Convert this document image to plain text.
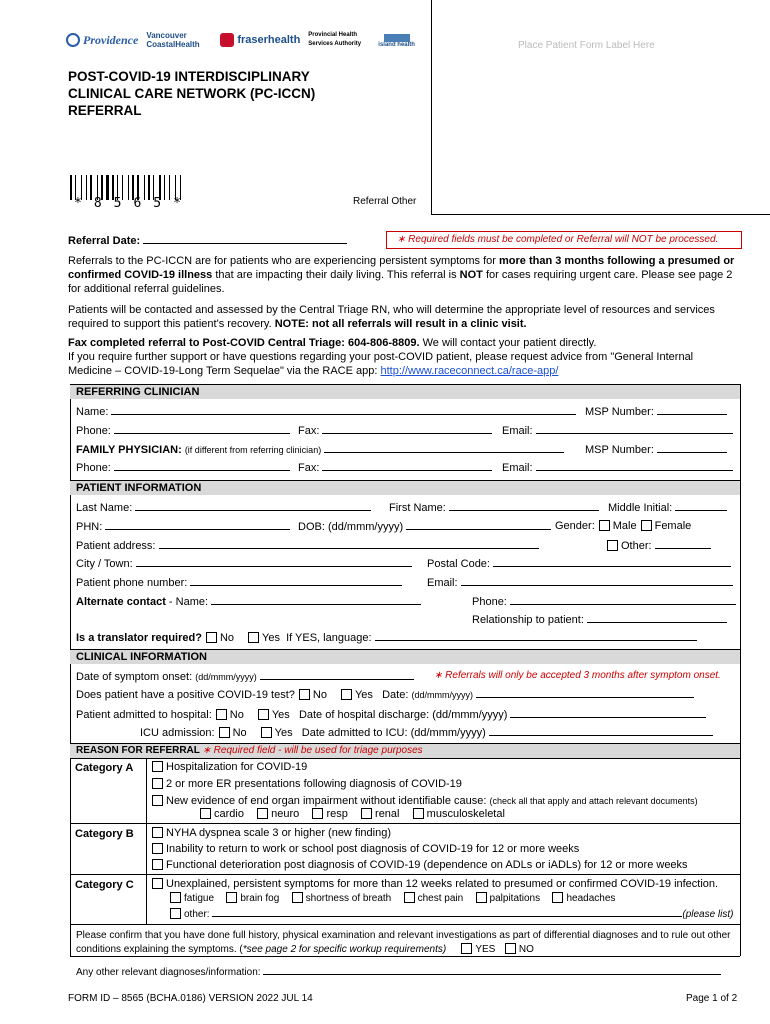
Providence Vancouver CoastalHealth	fraserhealth Provincial Health Services Authority	island health	Place Patient Form Label Here
POST-COVID-19 INTERDISCIPLINARY
CLINICAL CARE NETWORK (PC-ICCN)
REFERRAL
*8565*	Referral Other
Referral Date:	∗ Required fields must be completed or Referral will NOT be processed.
Referrals to the PC-ICCN are for patients who are experiencing persistent symptoms for more than 3 months following a presumed or confirmed COVID-19 illness that are impacting their daily living. This referral is NOT for cases requiring urgent care. Please see page 2 for additional referral guidelines.
Patients will be contacted and assessed by the Central Triage RN, who will determine the appropriate level of resources and services required to support this patient's recovery. NOTE: not all referrals will result in a clinic visit.
Fax completed referral to Post-COVID Central Triage: 604-806-8809. We will contact your patient directly.
If you require further support or have questions regarding your post-COVID patient, please request advice from "General Internal Medicine – COVID-19-Long Term Sequelae" via the RACE app: http://www.raceconnect.ca/race-app/
REFERRING CLINICIAN
Name:	MSP Number:
Phone:	Fax:	Email:
FAMILY PHYSICIAN: (if different from referring clinician)	MSP Number:
Phone:	Fax:	Email:
PATIENT INFORMATION
Last Name:	First Name:	Middle Initial:
PHN:	DOB: (dd/mmm/yyyy)	Gender: Male Female
Patient address:	Other:
City / Town:	Postal Code:
Patient phone number:	Email:
Alternate contact - Name:	Phone:
Relationship to patient:
Is a translator required? No	Yes If YES, language:
CLINICAL INFORMATION
Date of symptom onset: (dd/mmm/yyyy)	∗ Referrals will only be accepted 3 months after symptom onset.
Does patient have a positive COVID-19 test? No	Yes Date: (dd/mmm/yyyy)
Patient admitted to hospital: No	Yes Date of hospital discharge: (dd/mmm/yyyy)
ICU admission: No	Yes Date admitted to ICU: (dd/mmm/yyyy)
REASON FOR REFERRAL ∗ Required field - will be used for triage purposes
Category A	Hospitalization for COVID-19
2 or more ER presentations following diagnosis of COVID-19
New evidence of end organ impairment without identifiable cause: (check all that apply and attach relevant documents)
cardio neuro resp renal musculoskeletal
Category B	NYHA dyspnea scale 3 or higher (new finding)
Inability to return to work or school post diagnosis of COVID-19 for 12 or more weeks
Functional deterioration post diagnosis of COVID-19 (dependence on ADLs or iADLs) for 12 or more weeks
Category C	Unexplained, persistent symptoms for more than 12 weeks related to presumed or confirmed COVID-19 infection.
fatigue	brain fog	shortness of breath	chest pain	palpitations	headaches
other:	(please list)
Please confirm that you have done full history, physical examination and relevant investigations as part of differential diagnoses and to rule out other conditions explaining the symptoms. (*see page 2 for specific workup requirements)	YES NO
Any other relevant diagnoses/information:
FORM ID – 8565 (BCHA.0186) VERSION 2022 JUL 14	Page 1 of 2
